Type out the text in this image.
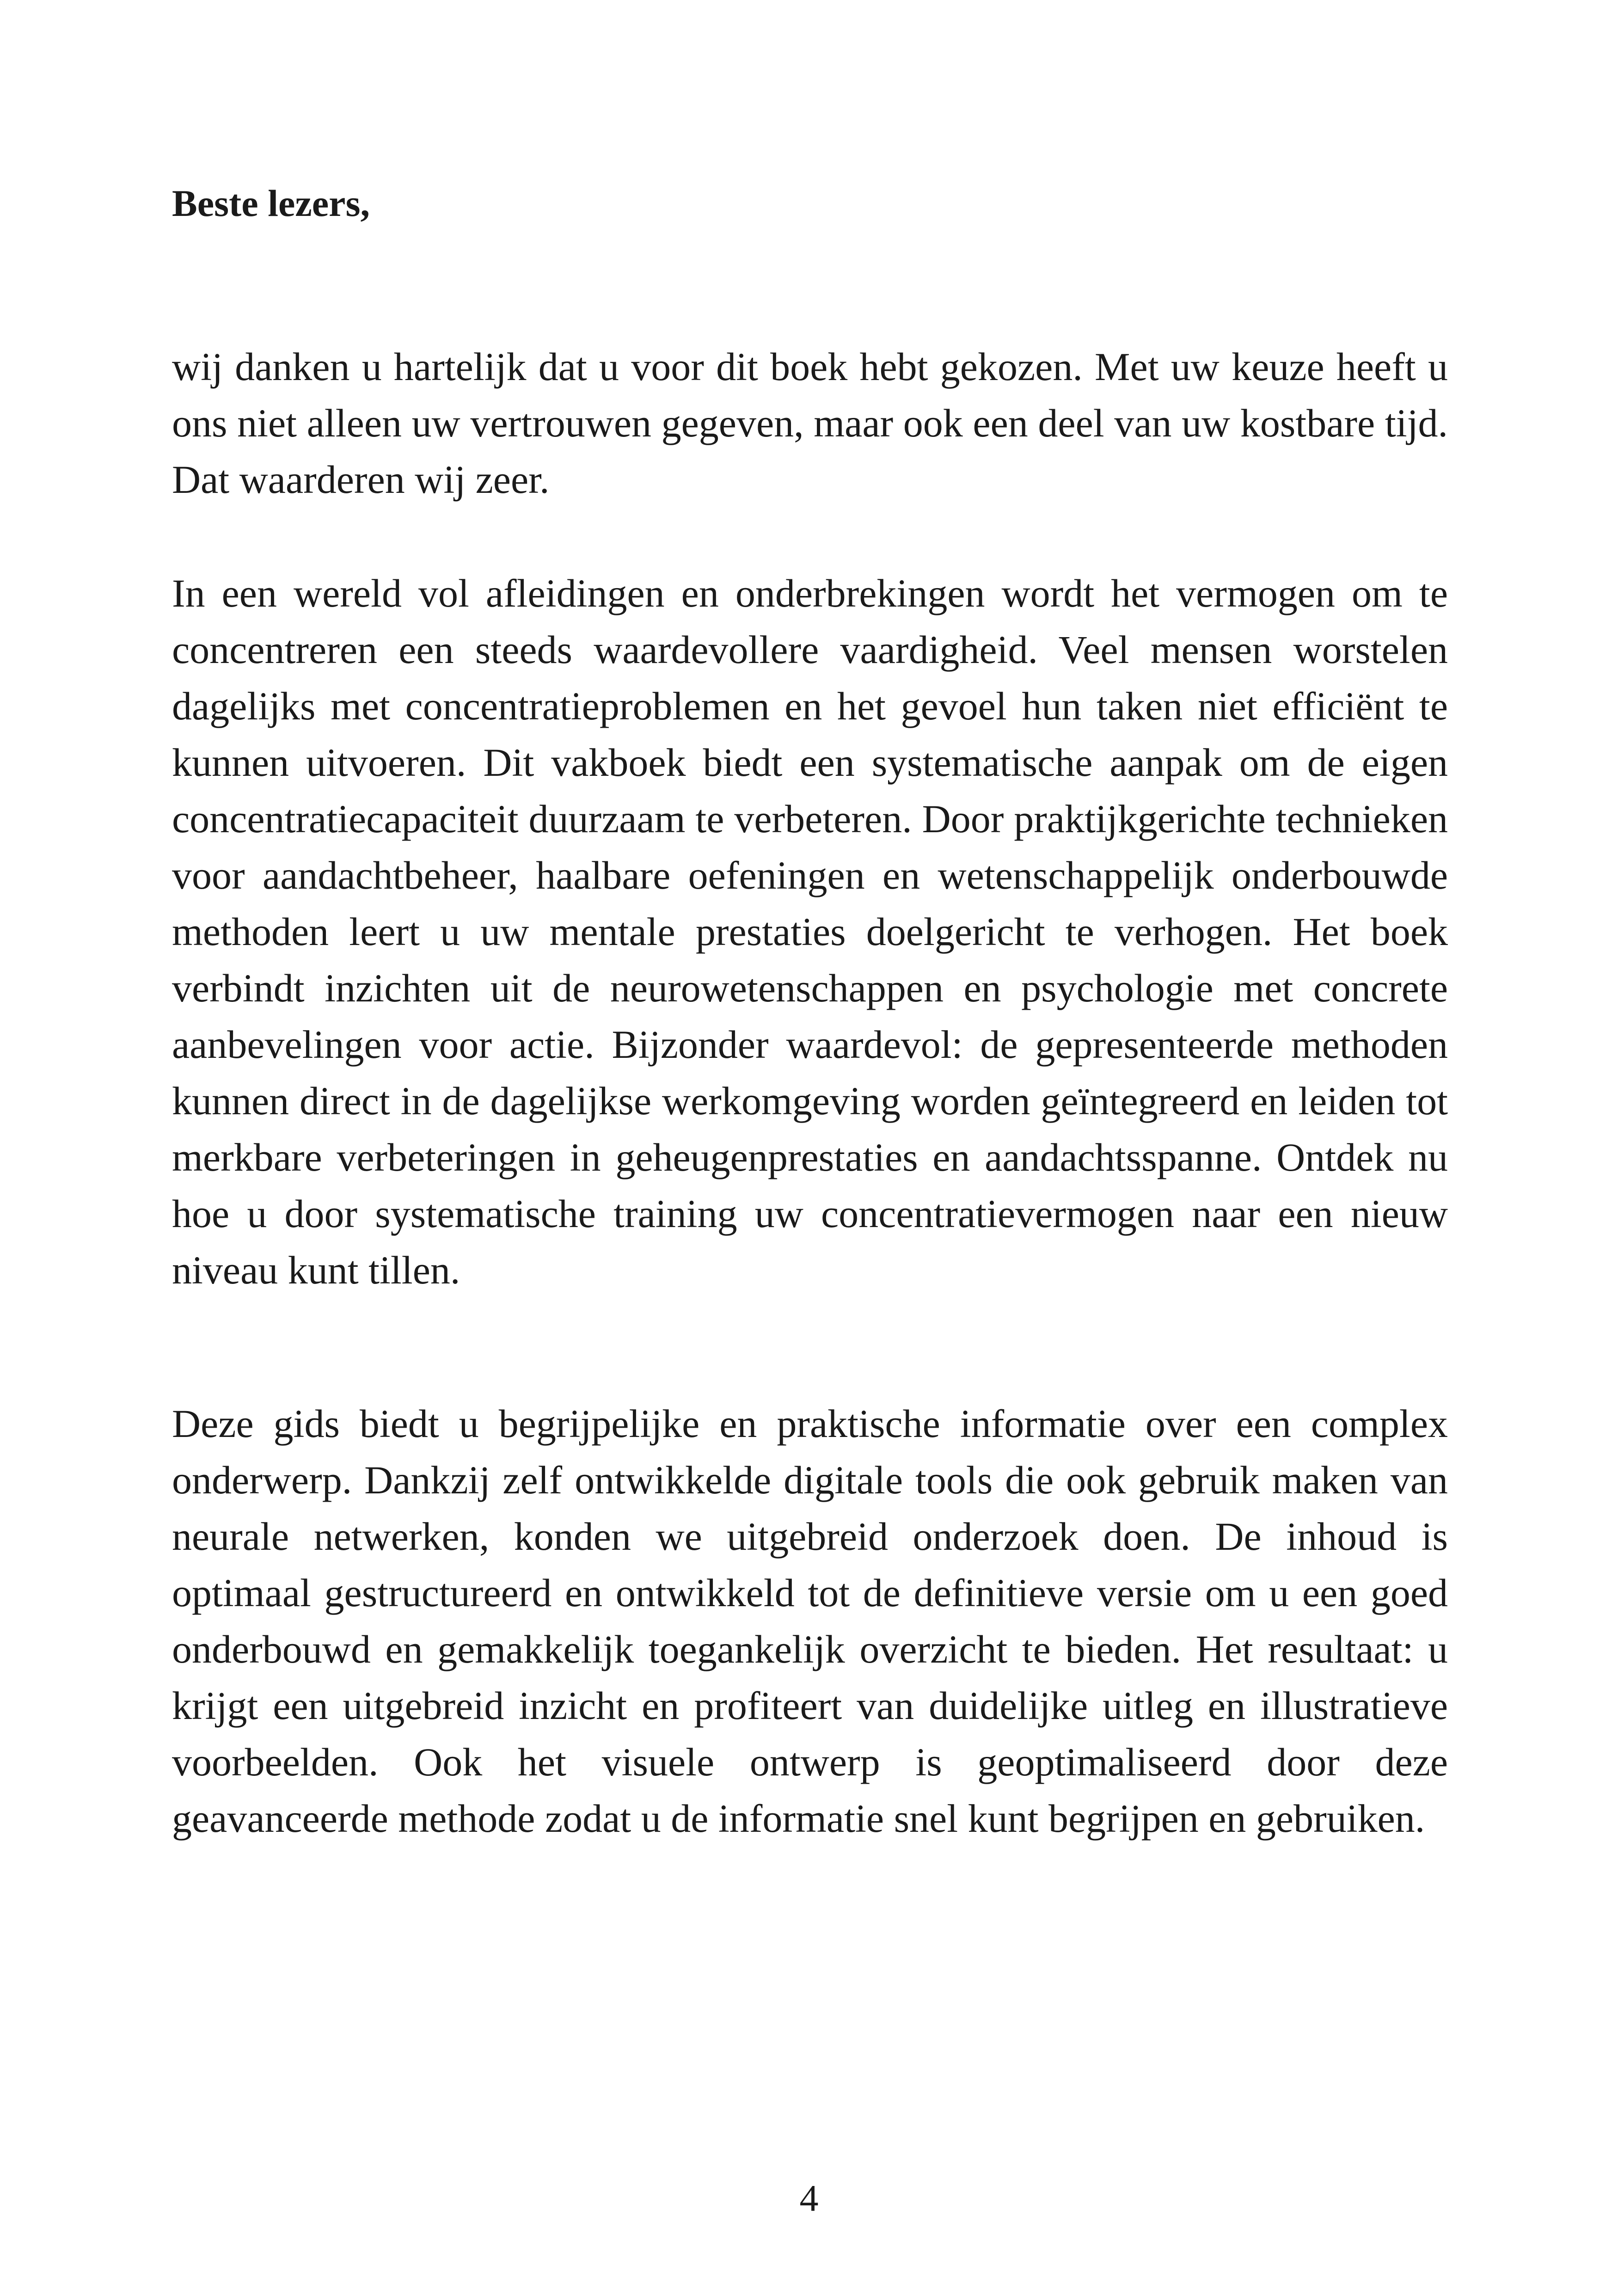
Beste lezers,

wij danken u hartelijk dat u voor dit boek hebt gekozen. Met uw keuze heeft u ons niet alleen uw vertrouwen gegeven, maar ook een deel van uw kostbare tijd. Dat waarderen wij zeer.

In een wereld vol afleidingen en onderbrekingen wordt het vermogen om te concentreren een steeds waardevollere vaardigheid. Veel mensen worstelen dagelijks met concentratieproblemen en het gevoel hun taken niet efficiënt te kunnen uitvoeren. Dit vakboek biedt een systematische aanpak om de eigen concentratiecapaciteit duurzaam te verbeteren. Door praktijkgerichte technieken voor aandachtbeheer, haalbare oefeningen en wetenschappelijk onderbouwde methoden leert u uw mentale prestaties doelgericht te verhogen. Het boek verbindt inzichten uit de neurowetenschappen en psychologie met concrete aanbevelingen voor actie. Bijzonder waardevol: de gepresenteerde methoden kunnen direct in de dagelijkse werkomgeving worden geïntegreerd en leiden tot merkbare verbeteringen in geheugenprestaties en aandachtsspanne. Ontdek nu hoe u door systematische training uw concentratievermogen naar een nieuw niveau kunt tillen.

Deze gids biedt u begrijpelijke en praktische informatie over een complex onderwerp. Dankzij zelf ontwikkelde digitale tools die ook gebruik maken van neurale netwerken, konden we uitgebreid onderzoek doen. De inhoud is optimaal gestructureerd en ontwikkeld tot de definitieve versie om u een goed onderbouwd en gemakkelijk toegankelijk overzicht te bieden. Het resultaat: u krijgt een uitgebreid inzicht en profiteert van duidelijke uitleg en illustratieve voorbeelden. Ook het visuele ontwerp is geoptimaliseerd door deze geavanceerde methode zodat u de informatie snel kunt begrijpen en gebruiken.

4
